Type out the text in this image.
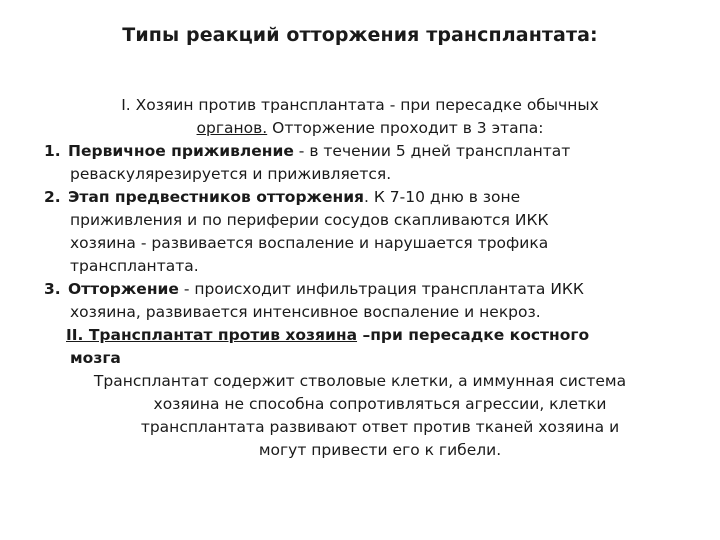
Типы реакций отторжения трансплантата:
I. Хозяин против трансплантата - при пересадке обычных
органов. Отторжение проходит в 3 этапа:
1. Первичное приживление - в течении 5 дней трансплантат
реваскулярезируется и приживляется.
2. Этап предвестников отторжения. К 7-10 дню в зоне
приживления и по периферии сосудов скапливаются ИКК
хозяина - развивается воспаление и нарушается трофика
трансплантата.
3. Отторжение - происходит инфильтрация трансплантата ИКК
хозяина, развивается интенсивное воспаление и некроз.
II. Трансплантат против хозяина –при пересадке костного
мозга
Трансплантат содержит стволовые клетки, а иммунная система
хозяина не способна сопротивляться агрессии, клетки
трансплантата развивают ответ против тканей хозяина и
могут привести его к гибели.
